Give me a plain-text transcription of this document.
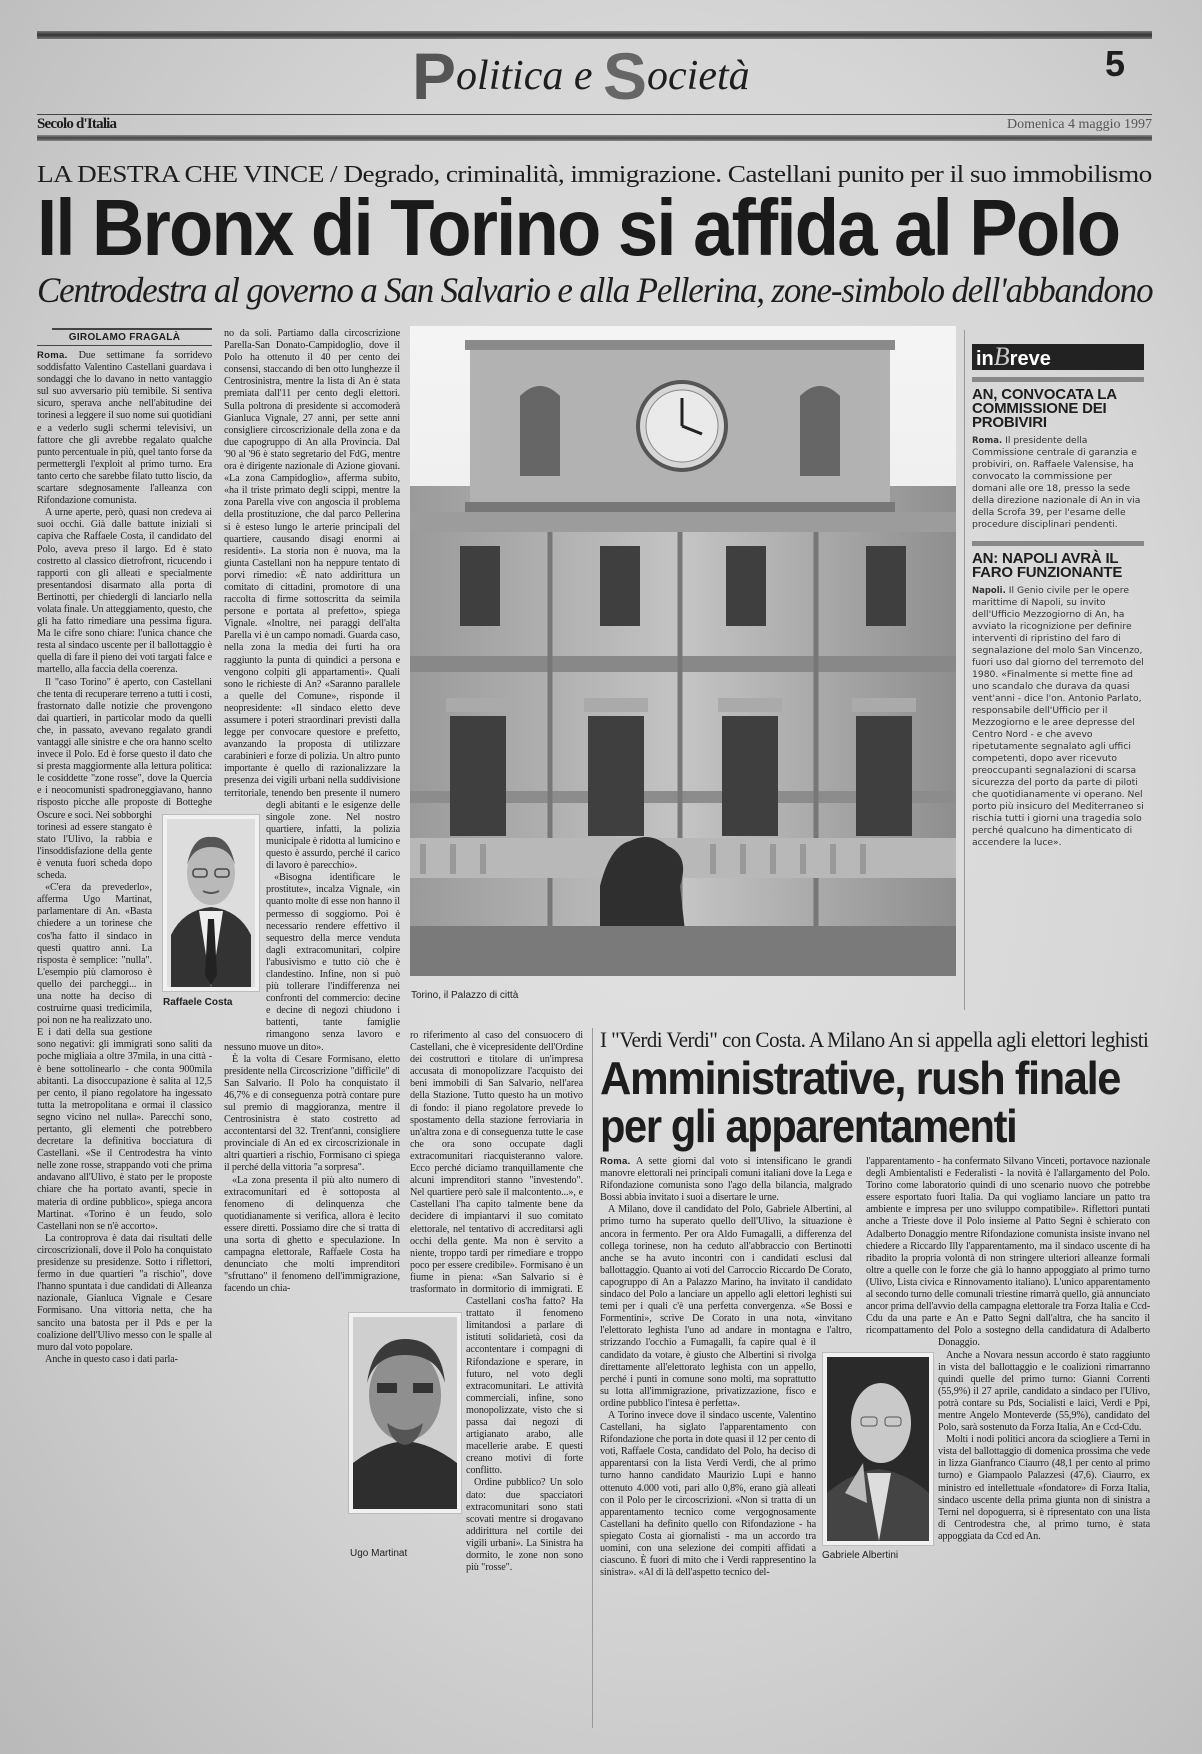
Politica e Società	5
Secolo d'Italia	Domenica 4 maggio 1997
LA DESTRA CHE VINCE / Degrado, criminalità, immigrazione. Castellani punito per il suo immobilismo
Il Bronx di Torino si affida al Polo
Centrodestra al governo a San Salvario e alla Pellerina, zone-simbolo dell'abbandono
GIROLAMO FRAGALÀ

Roma. Due settimane fa sorridevo soddisfatto Valentino Castellani guardava i sondaggi che lo davano in netto vantaggio sul suo avversario più temibile. Si sentiva sicuro, sperava anche nell'abitudine dei torinesi a leggere il suo nome sui quotidiani e a vederlo sugli schermi televisivi, un fattore che gli avrebbe regalato qualche punto percentuale in più, quel tanto forse da permettergli l'exploit al primo turno. Era tanto certo che sarebbe filato tutto liscio, da scartare sdegnosamente l'alleanza con Rifondazione comunista.

A urne aperte, però, quasi non credeva ai suoi occhi. Già dalle battute iniziali si capiva che Raffaele Costa, il candidato del Polo, aveva preso il largo. Ed è stato costretto al classico dietrofront, ricucendo i rapporti con gli alleati e specialmente presentandosi disarmato alla porta di Bertinotti, per chiedergli di lanciarlo nella volata finale. Un atteggiamento, questo, che gli ha fatto rimediare una pessima figura. Ma le cifre sono chiare: l'unica chance che resta al sindaco uscente per il ballottaggio è quella di fare il pieno dei voti targati falce e martello, alla faccia della coerenza.

Il "caso Torino" è aperto, con Castellani che tenta di recuperare terreno a tutti i costi, frastornato dalle notizie che provengono dai quartieri, in particolar modo da quelli che, in passato, avevano regalato grandi vantaggi alle sinistre e che ora hanno scelto invece il Polo. Ed è forse questo il dato che si presta maggiormente alla lettura politica: le cosiddette "zone rosse", dove la Quercia e i neocomunisti spadroneggiavano, hanno risposto picche alle proposte di Botteghe Oscure e soci. Nei sobborghi torinesi ad essere stangato è stato l'Ulivo, la rabbia e l'insoddisfazione della gente è venuta fuori scheda dopo scheda.

«C'era da prevederlo», afferma Ugo Martinat, parlamentare di An. «Basta chiedere a un torinese che cos'ha fatto il sindaco in questi quattro anni. La risposta è semplice: "nulla". L'esempio più clamoroso è quello dei parcheggi... in una notte ha deciso di costruirne quasi tredicimila, poi non ne ha realizzato uno. E i dati della sua gestione sono negativi: gli immigrati sono saliti da poche migliaia a oltre 37mila, in una città - è bene sottolinearlo - che conta 900mila abitanti. La disoccupazione è salita al 12,5 per cento, il piano regolatore ha ingessato tutta la metropolitana e ormai il classico segno vicino nel nulla». Parecchi sono, pertanto, gli elementi che potrebbero decretare la definitiva bocciatura di Castellani. «Se il Centrodestra ha vinto nelle zone rosse, strappando voti che prima andavano all'Ulivo, è stato per le proposte chiare che ha portato avanti, specie in materia di ordine pubblico», spiega ancora Martinat. «Torino è un feudo, solo Castellani non se n'è accorto».

La controprova è data dai risultati delle circoscrizionali, dove il Polo ha conquistato presidenze su presidenze. Sotto i riflettori, fermo in due quartieri "a rischio", dove l'hanno spuntata i due candidati di Alleanza nazionale, Gianluca Vignale e Cesare Formisano. Una vittoria netta, che ha sancito una batosta per il Pds e per la coalizione dell'Ulivo messo con le spalle al muro dal voto popolare.

Anche in questo caso i dati parla-

no da soli. Partiamo dalla circoscrizione Parella-San Donato-Campidoglio, dove il Polo ha ottenuto il 40 per cento dei consensi, staccando di ben otto lunghezze il Centrosinistra, mentre la lista di An è stata premiata dall'11 per cento degli elettori. Sulla poltrona di presidente si accomoderà Gianluca Vignale, 27 anni, per sette anni consigliere circoscrizionale della zona e da due capogruppo di An alla Provincia. Dal '90 al '96 è stato segretario del FdG, mentre ora è dirigente nazionale di Azione giovani. «La zona Campidoglio», afferma subito, «ha il triste primato degli scippi, mentre la zona Parella vive con angoscia il problema della prostituzione, che dal parco Pellerina si è esteso lungo le arterie principali del quartiere, causando disagi enormi ai residenti». La storia non è nuova, ma la giunta Castellani non ha neppure tentato di porvi rimedio: «È nato addirittura un comitato di cittadini, promotore di una raccolta di firme sottoscritta da seimila persone e portata al prefetto», spiega Vignale. «Inoltre, nei paraggi dell'alta Parella vi è un campo nomadi. Guarda caso, nella zona la media dei furti ha ora raggiunto la punta di quindici a persona e vengono colpiti gli appartamenti». Quali sono le richieste di An? «Saranno parallele a quelle del Comune», risponde il neopresidente: «Il sindaco eletto deve assumere i poteri straordinari previsti dalla legge per convocare questore e prefetto, avanzando la proposta di utilizzare carabinieri e forze di polizia. Un altro punto importante è quello di razionalizzare la presenza dei vigili urbani nella suddivisione territoriale, tenendo ben presente il numero degli abitanti e le esigenze delle singole zone. Nel nostro quartiere, infatti, la polizia municipale è ridotta al lumicino e questo è assurdo, perché il carico di lavoro è parecchio».

«Bisogna identificare le prostitute», incalza Vignale, «in quanto molte di esse non hanno il permesso di soggiorno. Poi è necessario rendere effettivo il sequestro della merce venduta dagli extracomunitari, colpire l'abusivismo e tutto ciò che è clandestino. Infine, non si può più tollerare l'indifferenza nei confronti del commercio: decine e decine di negozi chiudono i battenti, tante famiglie rimangono senza lavoro e nessuno muove un dito».

È la volta di Cesare Formisano, eletto presidente nella Circoscrizione "difficile" di San Salvario. Il Polo ha conquistato il 46,7% e di conseguenza potrà contare pure sul premio di maggioranza, mentre il Centrosinistra è stato costretto ad accontentarsi del 32. Trent'anni, consigliere provinciale di An ed ex circoscrizionale in altri quartieri a rischio, Formisano ci spiega il perché della vittoria "a sorpresa".

«La zona presenta il più alto numero di extracomunitari ed è sottoposta al fenomeno di delinquenza che quotidianamente si verifica, allora è lecito essere diretti. Possiamo dire che si tratta di una sorta di ghetto e speculazione. In campagna elettorale, Raffaele Costa ha denunciato che molti imprenditori "sfruttano" il fenomeno dell'immigrazione, facendo un chia-

Raffaele Costa
Torino, il Palazzo di città

ro riferimento al caso del consuocero di Castellani, che è vicepresidente dell'Ordine dei costruttori e titolare di un'impresa accusata di monopolizzare l'acquisto dei beni immobili di San Salvario, nell'area della Stazione. Tutto questo ha un motivo di fondo: il piano regolatore prevede lo spostamento della stazione ferroviaria in un'altra zona e di conseguenza tutte le case che ora sono occupate dagli extracomunitari riacquisteranno valore. Ecco perché diciamo tranquillamente che alcuni imprenditori stanno "investendo". Nel quartiere però sale il malcontento...», e Castellani l'ha capito talmente bene da decidere di impiantarvi il suo comitato elettorale, nel tentativo di accreditarsi agli occhi della gente. Ma non è servito a niente, troppo tardi per rimediare e troppo poco per essere credibile». Formisano è un fiume in piena: «San Salvario si è trasformato in dormitorio di immigrati. E Castellani cos'ha fatto? Ha trattato il fenomeno limitandosi a parlare di istituti solidarietà, così da accontentare i compagni di Rifondazione e sperare, in futuro, nel voto degli extracomunitari. Le attività commerciali, infine, sono monopolizzate, visto che si passa dai negozi di artigianato arabo, alle macellerie arabe. E questi creano motivi di forte conflitto.

Ordine pubblico? Un solo dato: due spacciatori extracomunitari sono stati scovati mentre si drogavano addirittura nel cortile dei vigili urbani». La Sinistra ha dormito, le zone non sono più "rosse".

Ugo Martinat
inBreve

AN, CONVOCATA LA COMMISSIONE DEI PROBIVIRI

Roma. Il presidente della Commissione centrale di garanzia e probiviri, on. Raffaele Valensise, ha convocato la commissione per domani alle ore 18, presso la sede della direzione nazionale di An in via della Scrofa 39, per l'esame delle procedure disciplinari pendenti.

AN: NAPOLI AVRÀ IL FARO FUNZIONANTE

Napoli. Il Genio civile per le opere marittime di Napoli, su invito dell'Ufficio Mezzogiorno di An, ha avviato la ricognizione per definire interventi di ripristino del faro di segnalazione del molo San Vincenzo, fuori uso dal giorno del terremoto del 1980. «Finalmente si mette fine ad uno scandalo che durava da quasi vent'anni - dice l'on. Antonio Parlato, responsabile dell'Ufficio per il Mezzogiorno e le aree depresse del Centro Nord - e che avevo ripetutamente segnalato agli uffici competenti, dopo aver ricevuto preoccupanti segnalazioni di scarsa sicurezza del porto da parte di piloti che quotidianamente vi operano. Nel porto più insicuro del Mediterraneo si rischia tutti i giorni una tragedia solo perché qualcuno ha dimenticato di accendere la luce».

I "Verdi Verdi" con Costa. A Milano An si appella agli elettori leghisti
Amministrative, rush finale
per gli apparentamenti

Roma. A sette giorni dal voto si intensificano le grandi manovre elettorali nei principali comuni italiani dove la Lega e Rifondazione comunista sono l'ago della bilancia, malgrado Bossi abbia invitato i suoi a disertare le urne.

A Milano, dove il candidato del Polo, Gabriele Albertini, al primo turno ha superato quello dell'Ulivo, la situazione è ancora in fermento. Per ora Aldo Fumagalli, a differenza del collega torinese, non ha ceduto all'abbraccio con Bertinotti anche se ha avuto incontri con i candidati esclusi dal ballottaggio. Quanto ai voti del Carroccio Riccardo De Corato, capogruppo di An a Palazzo Marino, ha invitato il candidato sindaco del Polo a lanciare un appello agli elettori leghisti sui temi per i quali c'è una perfetta convergenza. «Se Bossi e Formentini», scrive De Corato in una nota, «invitano l'elettorato leghista l'uno ad andare in montagna e l'altro, strizzando l'occhio a Fumagalli, fa capire qual è il candidato da votare, è giusto che Albertini si rivolga direttamente all'elettorato leghista con un appello, perché i punti in comune sono molti, ma soprattutto su lotta all'immigrazione, privatizzazione, fisco e ordine pubblico l'intesa è perfetta».

A Torino invece dove il sindaco uscente, Valentino Castellani, ha siglato l'apparentamento con Rifondazione che porta in dote quasi il 12 per cento di voti, Raffaele Costa, candidato del Polo, ha deciso di apparentarsi con la lista Verdi Verdi, che al primo turno hanno candidato Maurizio Lupi e hanno ottenuto 4.000 voti, pari allo 0,8%, erano già alleati con il Polo per le circoscrizioni. «Non si tratta di un apparentamento tecnico come vergognosamente Castellani ha definito quello con Rifondazione - ha spiegato Costa ai giornalisti - ma un accordo tra uomini, con una selezione dei compiti affidati a ciascuno. È fuori di mito che i Verdi rappresentino la sinistra». «Al di là dell'aspetto tecnico del-

l'apparentamento - ha confermato Silvano Vinceti, portavoce nazionale degli Ambientalisti e Federalisti - la novità è l'allargamento del Polo. Torino come laboratorio quindi di uno scenario nuovo che potrebbe essere esportato fuori Italia. Da qui vogliamo lanciare un patto tra ambiente e impresa per uno sviluppo compatibile». Riflettori puntati anche a Trieste dove il Polo insieme al Patto Segni è schierato con Adalberto Donaggio mentre Rifondazione comunista insiste invano nel chiedere a Riccardo Illy l'apparentamento, ma il sindaco uscente di ha ribadito la propria volontà di non stringere ulteriori alleanze formali oltre a quelle con le forze che già lo hanno appoggiato al primo turno (Ulivo, Lista civica e Rinnovamento italiano). L'unico apparentamento al secondo turno delle comunali triestine rimarrà quello, già annunciato ancor prima dell'avvio della campagna elettorale tra Forza Italia e Ccd-Cdu da una parte e An e Patto Segni dall'altra, che ha sancito il ricompattamento del Polo a sostegno della candidatura di Adalberto Donaggio.

Anche a Novara nessun accordo è stato raggiunto in vista del ballottaggio e le coalizioni rimarranno quindi quelle del primo turno: Gianni Correnti (55,9%) il 27 aprile, candidato a sindaco per l'Ulivo, potrà contare su Pds, Socialisti e laici, Verdi e Ppi, mentre Angelo Monteverde (55,9%), candidato del Polo, sarà sostenuto da Forza Italia, An e Ccd-Cdu.

Molti i nodi politici ancora da sciogliere a Terni in vista del ballottaggio di domenica prossima che vede in lizza Gianfranco Ciaurro (48,1 per cento al primo turno) e Giampaolo Palazzesi (47,6). Ciaurro, ex ministro ed intellettuale «fondatore» di Forza Italia, sindaco uscente della prima giunta non di sinistra a Terni nel dopoguerra, si è ripresentato con una lista di Centrodestra che, al primo turno, è stata appoggiata da Ccd ed An.

Gabriele Albertini
